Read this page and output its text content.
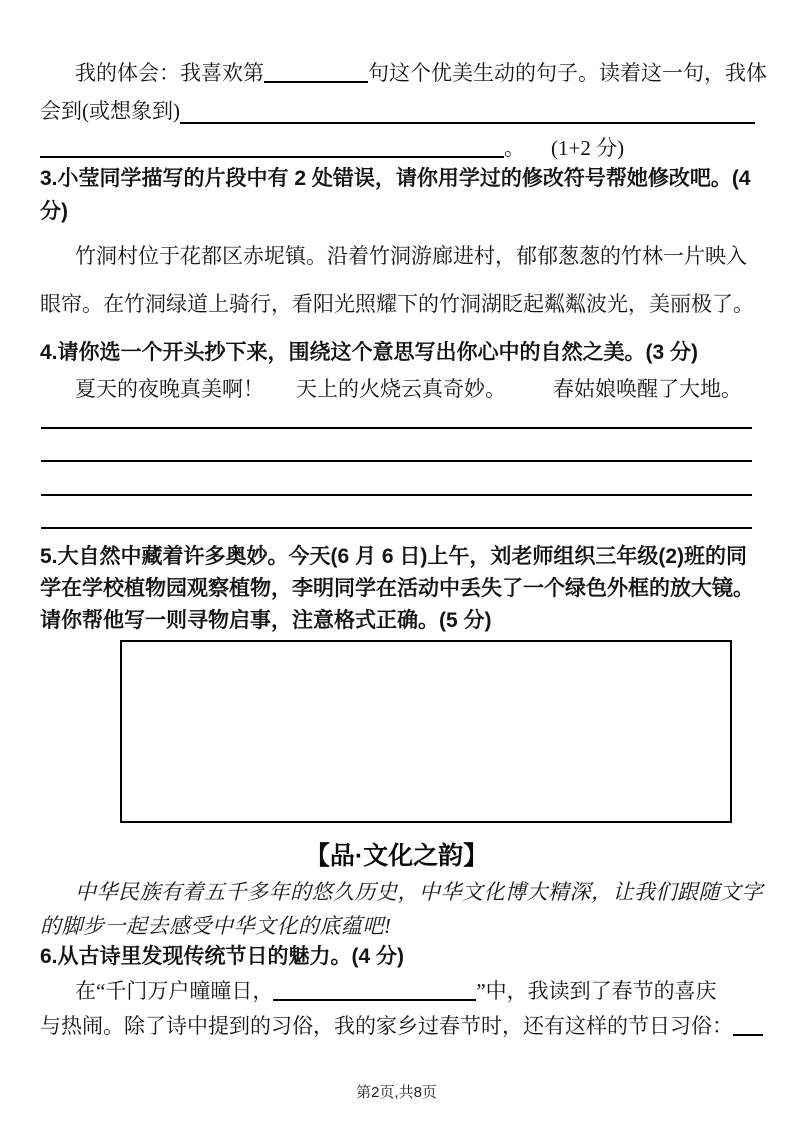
我的体会：我喜欢第	句这个优美生动的句子。读着这一句，我体
会到(或想象到)
。 (1+2 分)
3.小莹同学描写的片段中有 2 处错误，请你用学过的修改符号帮她修改吧。(4
分)
竹洞村位于花都区赤坭镇。沿着竹洞游廊进村，郁郁葱葱的竹林一片映入
眼帘。在竹洞绿道上骑行，看阳光照耀下的竹洞湖眨起粼粼波光，美丽极了。
4.请你选一个开头抄下来，围绕这个意思写出你心中的自然之美。(3 分)
夏天的夜晚真美啊！ 天上的火烧云真奇妙。 春姑娘唤醒了大地。
5.大自然中藏着许多奥妙。今天(6 月 6 日)上午，刘老师组织三年级(2)班的同
学在学校植物园观察植物，李明同学在活动中丢失了一个绿色外框的放大镜。
请你帮他写一则寻物启事，注意格式正确。(5 分)
【品·文化之韵】
中华民族有着五千多年的悠久历史，中华文化博大精深，让我们跟随文字
的脚步一起去感受中华文化的底蕴吧!
6.从古诗里发现传统节日的魅力。(4 分)
在“千门万户曈曈日，	”中，我读到了春节的喜庆
与热闹。除了诗中提到的习俗，我的家乡过春节时，还有这样的节日习俗：
第2页,共8页
